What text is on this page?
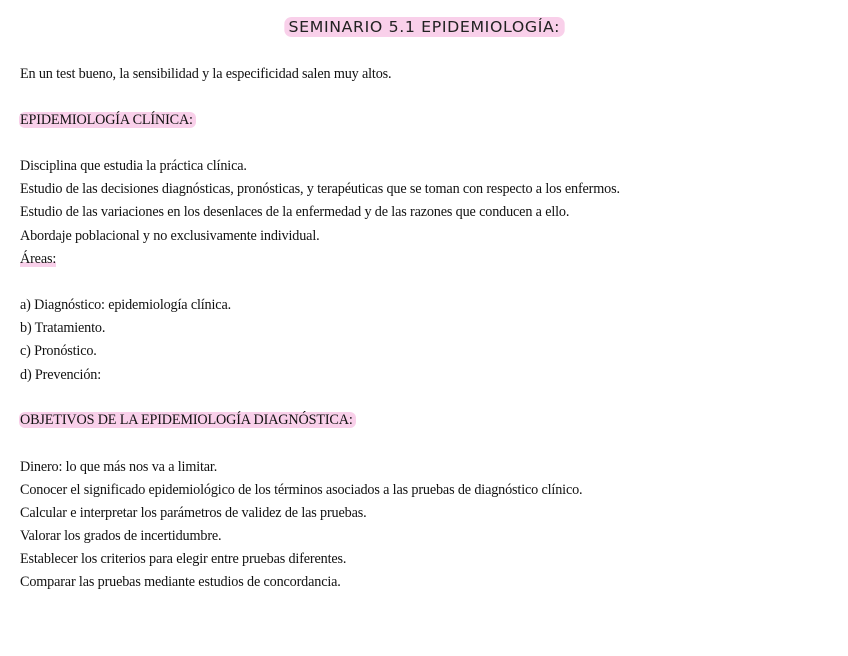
SEMINARIO 5.1 EPIDEMIOLOGÍA:
En un test bueno, la sensibilidad y la especificidad salen muy altos.
EPIDEMIOLOGÍA CLÍNICA:
Disciplina que estudia la práctica clínica.
Estudio de las decisiones diagnósticas, pronósticas, y terapéuticas que se toman con respecto a los enfermos.
Estudio de las variaciones en los desenlaces de la enfermedad y de las razones que conducen a ello.
Abordaje poblacional y no exclusivamente individual.
Áreas:
a) Diagnóstico: epidemiología clínica.
b) Tratamiento.
c) Pronóstico.
d) Prevención:
OBJETIVOS DE LA EPIDEMIOLOGÍA DIAGNÓSTICA:
Dinero: lo que más nos va a limitar.
Conocer el significado epidemiológico de los términos asociados a las pruebas de diagnóstico clínico.
Calcular e interpretar los parámetros de validez de las pruebas.
Valorar los grados de incertidumbre.
Establecer los criterios para elegir entre pruebas diferentes.
Comparar las pruebas mediante estudios de concordancia.
